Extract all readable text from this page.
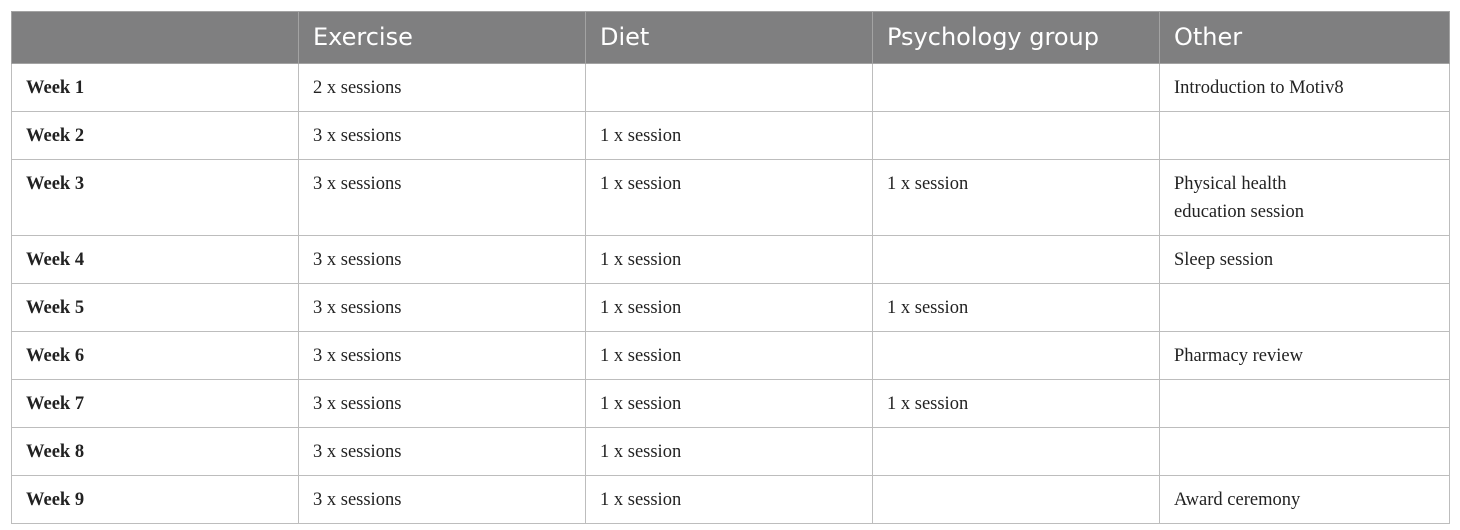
	Exercise	Diet	Psychology group	Other
Week 1	2 x sessions			Introduction to Motiv8
Week 2	3 x sessions	1 x session		
Week 3	3 x sessions	1 x session	1 x session	Physical health
education session
Week 4	3 x sessions	1 x session		Sleep session
Week 5	3 x sessions	1 x session	1 x session	
Week 6	3 x sessions	1 x session		Pharmacy review
Week 7	3 x sessions	1 x session	1 x session	
Week 8	3 x sessions	1 x session		
Week 9	3 x sessions	1 x session		Award ceremony
